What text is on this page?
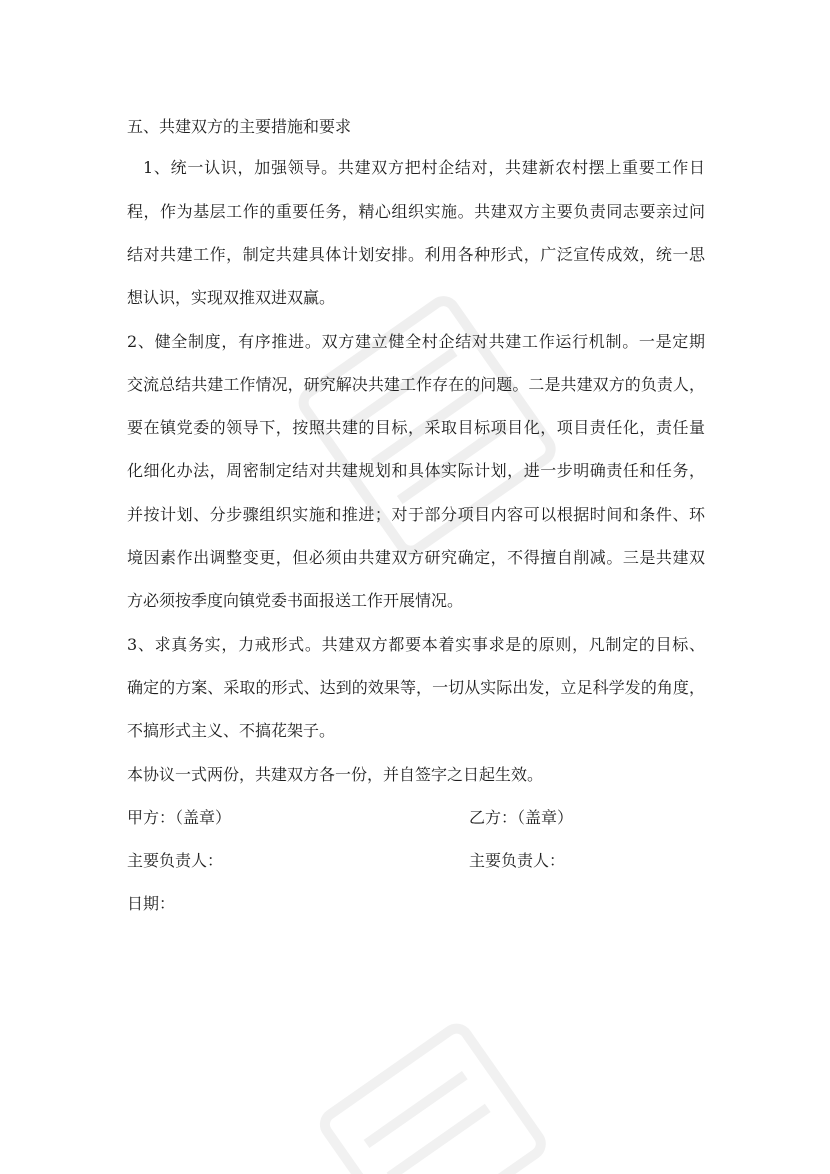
五、共建双方的主要措施和要求
1、统一认识，加强领导。共建双方把村企结对，共建新农村摆上重要工作日
程，作为基层工作的重要任务，精心组织实施。共建双方主要负责同志要亲过问
结对共建工作，制定共建具体计划安排。利用各种形式，广泛宣传成效，统一思
想认识，实现双推双进双赢。
2、健全制度，有序推进。双方建立健全村企结对共建工作运行机制。一是定期
交流总结共建工作情况，研究解决共建工作存在的问题。二是共建双方的负责人，
要在镇党委的领导下，按照共建的目标，采取目标项目化，项目责任化，责任量
化细化办法，周密制定结对共建规划和具体实际计划，进一步明确责任和任务，
并按计划、分步骤组织实施和推进；对于部分项目内容可以根据时间和条件、环
境因素作出调整变更，但必须由共建双方研究确定，不得擅自削减。三是共建双
方必须按季度向镇党委书面报送工作开展情况。
3、求真务实，力戒形式。共建双方都要本着实事求是的原则，凡制定的目标、
确定的方案、采取的形式、达到的效果等，一切从实际出发，立足科学发的角度，
不搞形式主义、不搞花架子。
本协议一式两份，共建双方各一份，并自签字之日起生效。
甲方：（盖章）	乙方：（盖章）
主要负责人：	主要负责人：
日期：
